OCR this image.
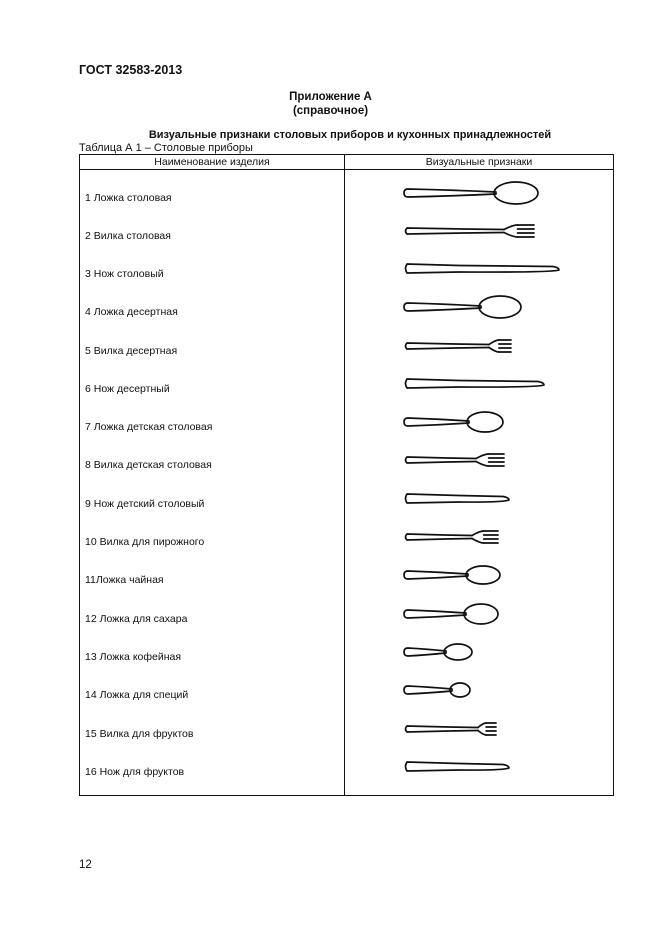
ГОСТ 32583-2013
Приложение А
(справочное)
Визуальные признаки столовых приборов и кухонных принадлежностей
Таблица А 1 – Столовые приборы
Наименование изделия	Визуальные признаки
1 Ложка столовая
2 Вилка столовая
3 Нож столовый
4 Ложка десертная
5 Вилка десертная
6 Нож десертный
7 Ложка детская столовая
8 Вилка детская столовая
9 Нож детский столовый
10 Вилка для пирожного
11Ложка чайная
12 Ложка для сахара
13 Ложка кофейная
14 Ложка для специй
15 Вилка для фруктов
16 Нож для фруктов
12
